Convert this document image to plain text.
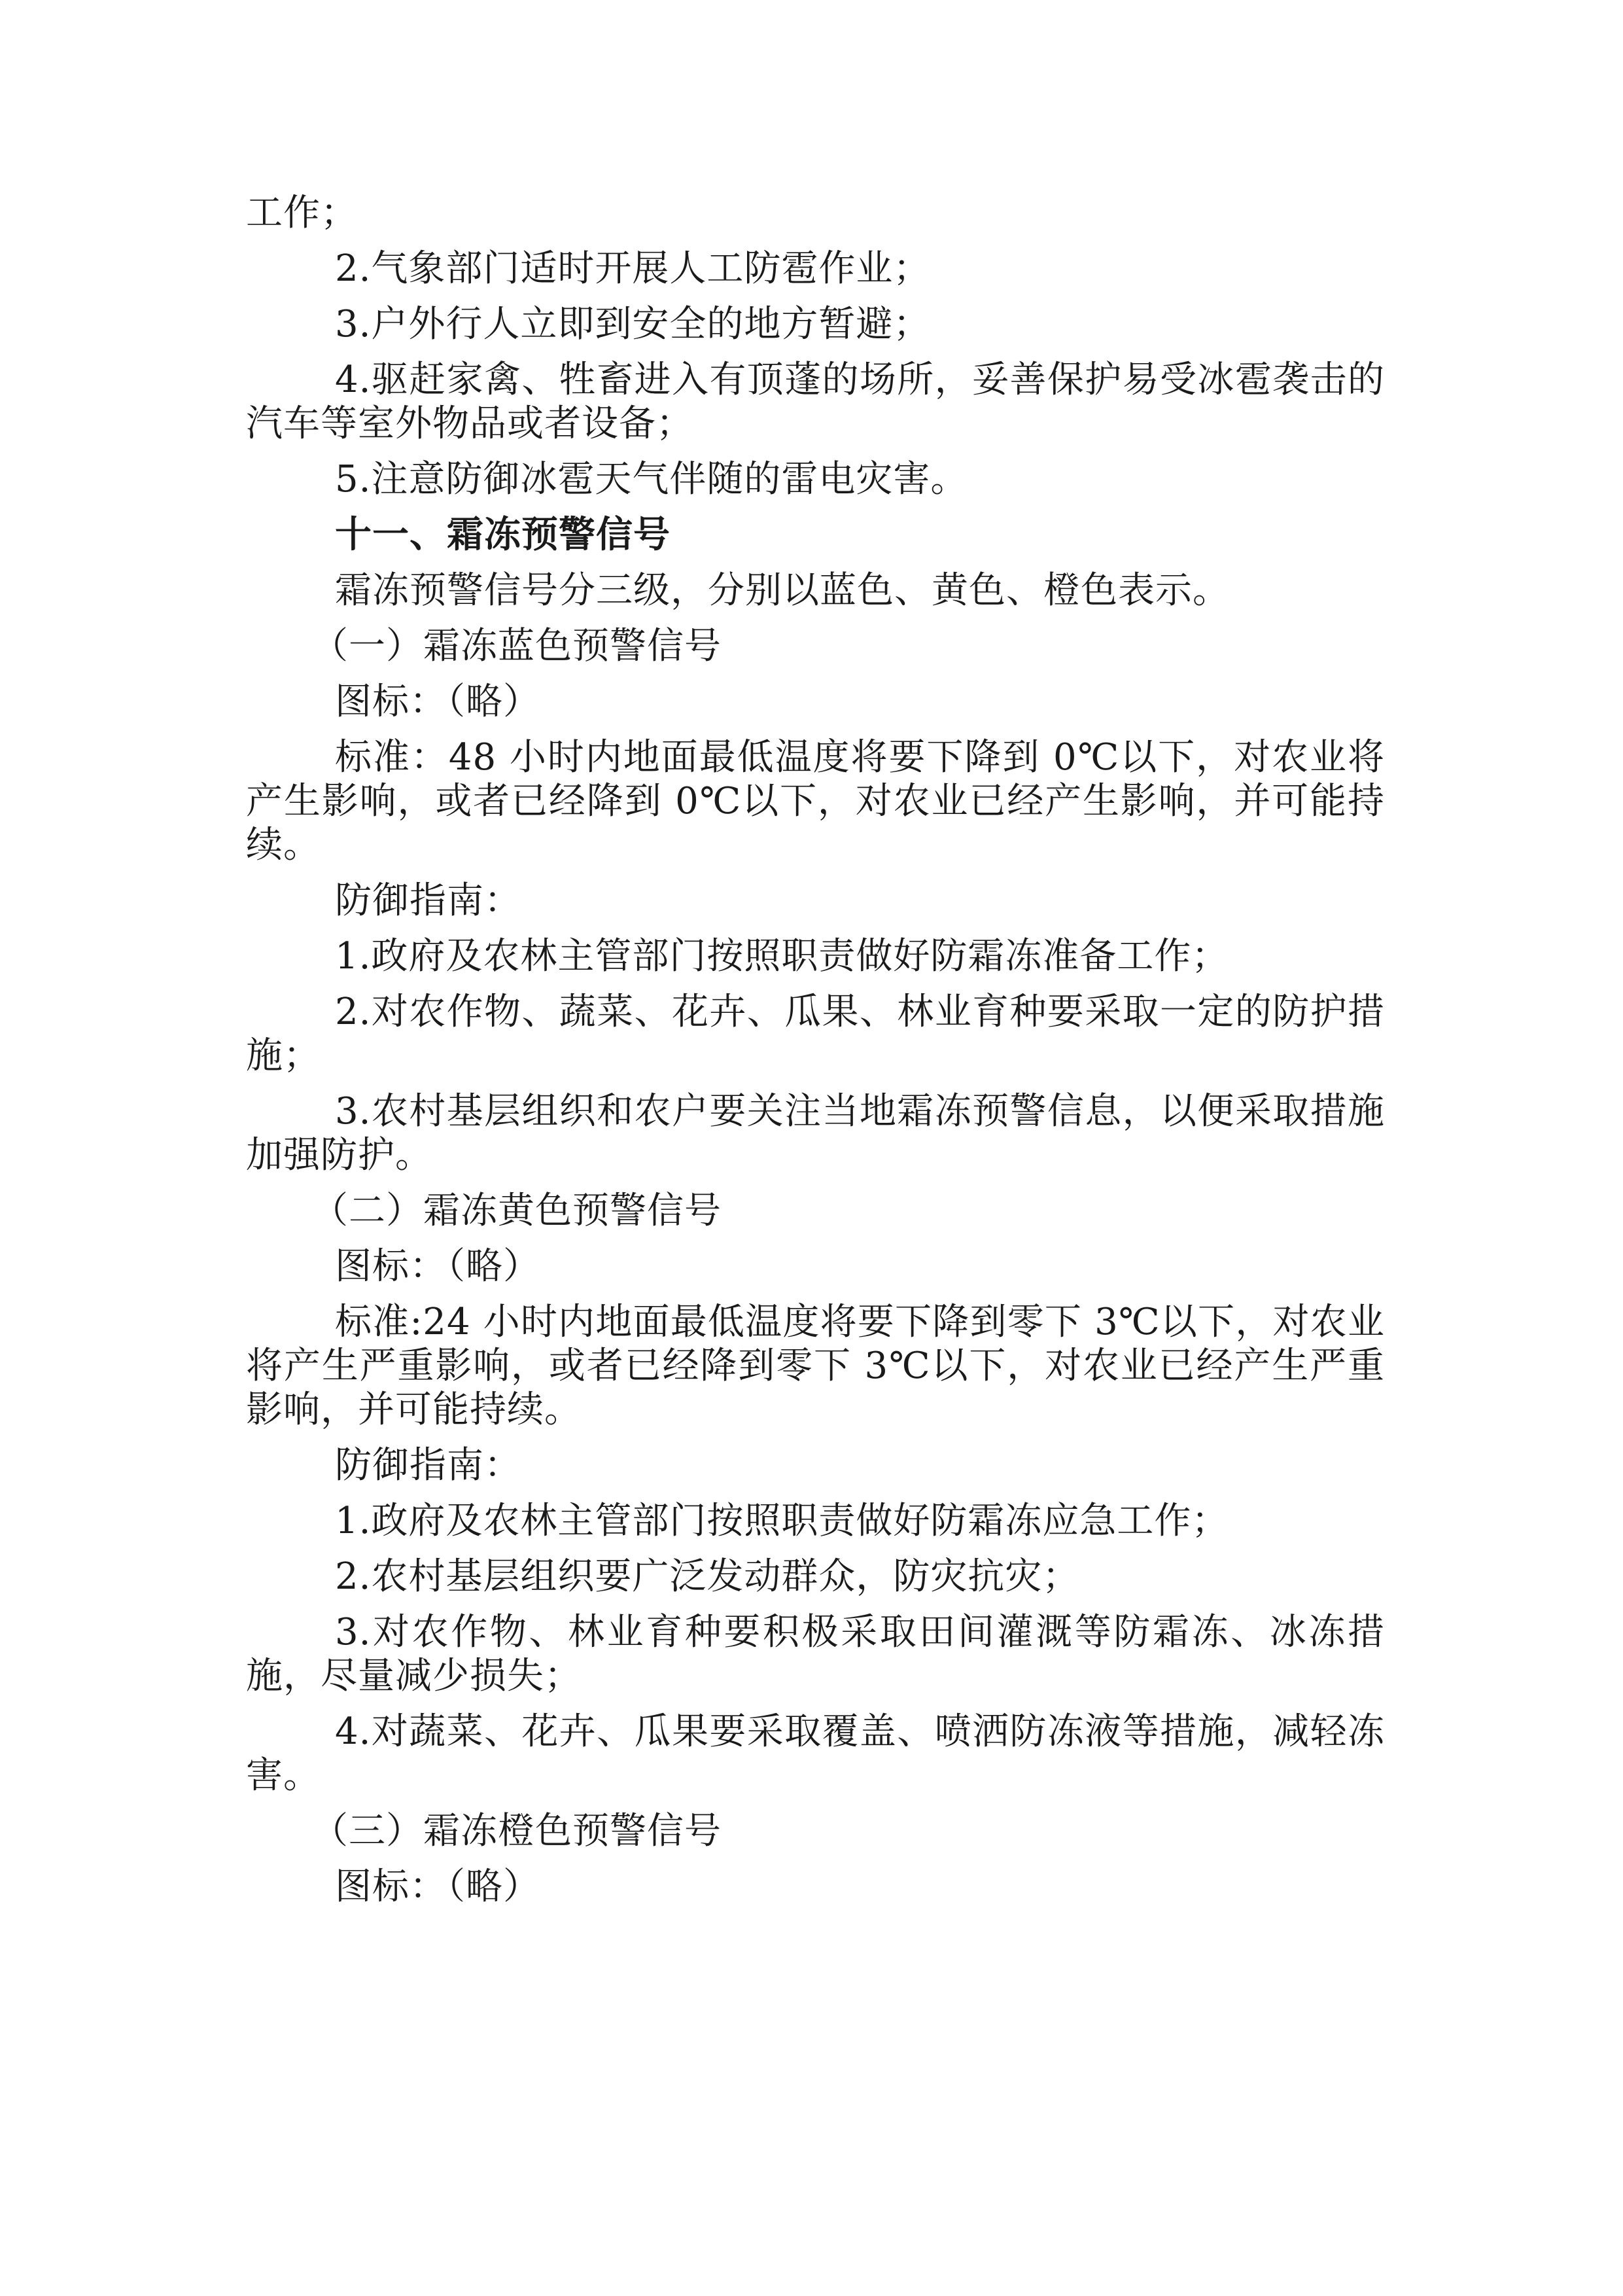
工作；

2.气象部门适时开展人工防雹作业；

3.户外行人立即到安全的地方暂避；

4.驱赶家禽、牲畜进入有顶蓬的场所，妥善保护易受冰雹袭击的汽车等室外物品或者设备；

5.注意防御冰雹天气伴随的雷电灾害。

十一、霜冻预警信号

霜冻预警信号分三级，分别以蓝色、黄色、橙色表示。

（一）霜冻蓝色预警信号

图标：（略）

标准：48 小时内地面最低温度将要下降到 0℃以下，对农业将产生影响，或者已经降到 0℃以下，对农业已经产生影响，并可能持续。

防御指南：

1.政府及农林主管部门按照职责做好防霜冻准备工作；

2.对农作物、蔬菜、花卉、瓜果、林业育种要采取一定的防护措施；

3.农村基层组织和农户要关注当地霜冻预警信息，以便采取措施加强防护。

（二）霜冻黄色预警信号

图标：（略）

标准:24 小时内地面最低温度将要下降到零下 3℃以下，对农业将产生严重影响，或者已经降到零下 3℃以下，对农业已经产生严重影响，并可能持续。

防御指南：

1.政府及农林主管部门按照职责做好防霜冻应急工作；

2.农村基层组织要广泛发动群众，防灾抗灾；

3.对农作物、林业育种要积极采取田间灌溉等防霜冻、冰冻措施，尽量减少损失；

4.对蔬菜、花卉、瓜果要采取覆盖、喷洒防冻液等措施，减轻冻害。

（三）霜冻橙色预警信号

图标：（略）
